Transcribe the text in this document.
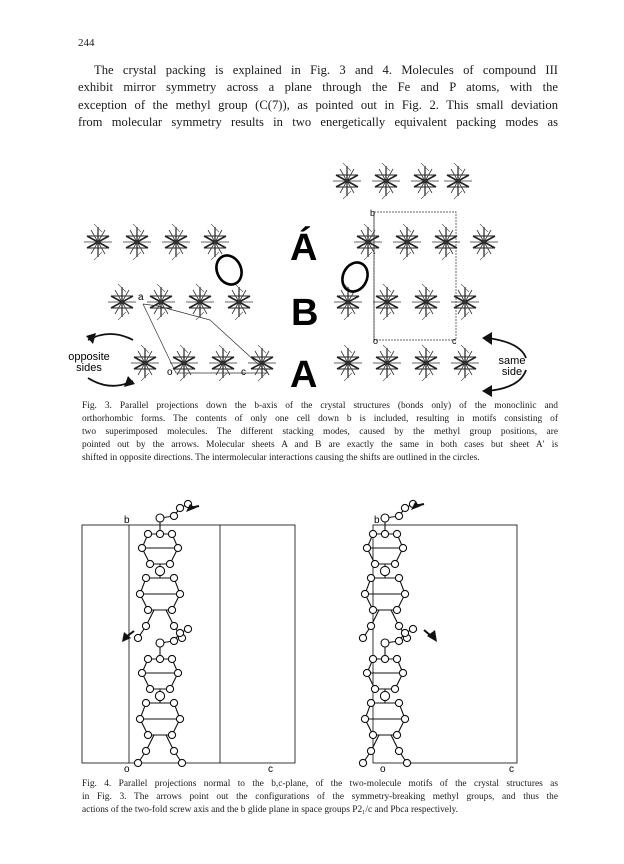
244
The crystal packing is explained in Fig. 3 and 4. Molecules of compound III
exhibit mirror symmetry across a plane through the Fe and P atoms, with the
exception of the methyl group (C(7)), as pointed out in Fig. 2. This small deviation
from molecular symmetry results in two energetically equivalent packing modes as
Á
B
A
opposite
sides
same
side
a
o	c
b
o	c
Fig. 3. Parallel projections down the b-axis of the crystal structures (bonds only) of the monoclinic and
orthorhombic forms. The contents of only one cell down b is included, resulting in motifs consisting of
two superimposed molecules. The different stacking modes, caused by the methyl group positions, are
pointed out by the arrows. Molecular sheets A and B are exactly the same in both cases but sheet A′ is
shifted in opposite directions. The intermolecular interactions causing the shifts are outlined in the circles.
b
o	c
b
o	c
Fig. 4. Parallel projections normal to the b,c-plane, of the two-molecule motifs of the crystal structures as
in Fig. 3. The arrows point out the configurations of the symmetry-breaking methyl groups, and thus the
actions of the two-fold screw axis and the b glide plane in space groups P2₁/c and Pbca respectively.
